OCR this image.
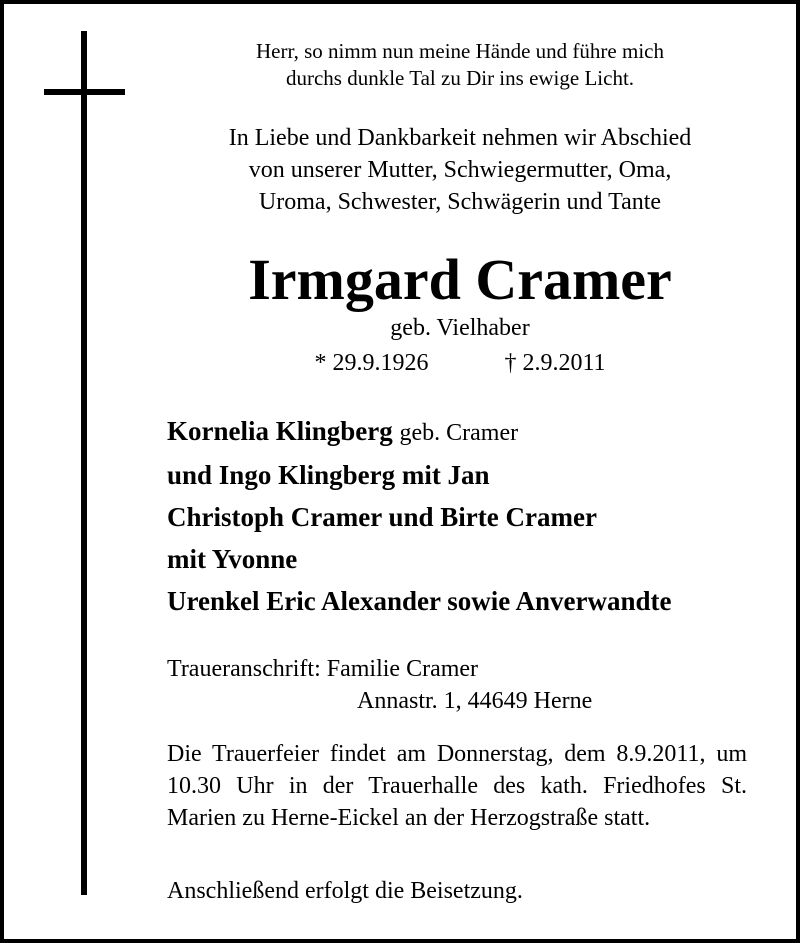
Herr, so nimm nun meine Hände und führe mich
durchs dunkle Tal zu Dir ins ewige Licht.
In Liebe und Dankbarkeit nehmen wir Abschied
von unserer Mutter, Schwiegermutter, Oma,
Uroma, Schwester, Schwägerin und Tante
Irmgard Cramer
geb. Vielhaber
* 29.9.1926	† 2.9.2011
Kornelia Klingberg geb. Cramer
und Ingo Klingberg mit Jan
Christoph Cramer und Birte Cramer
mit Yvonne
Urenkel Eric Alexander sowie Anverwandte
Traueranschrift: Familie Cramer
Annastr. 1, 44649 Herne
Die Trauerfeier findet am Donnerstag, dem 8.9.2011, um 10.30 Uhr in der Trauerhalle des kath. Friedhofes St. Marien zu Herne-Eickel an der Herzogstraße statt.
Anschließend erfolgt die Beisetzung.
